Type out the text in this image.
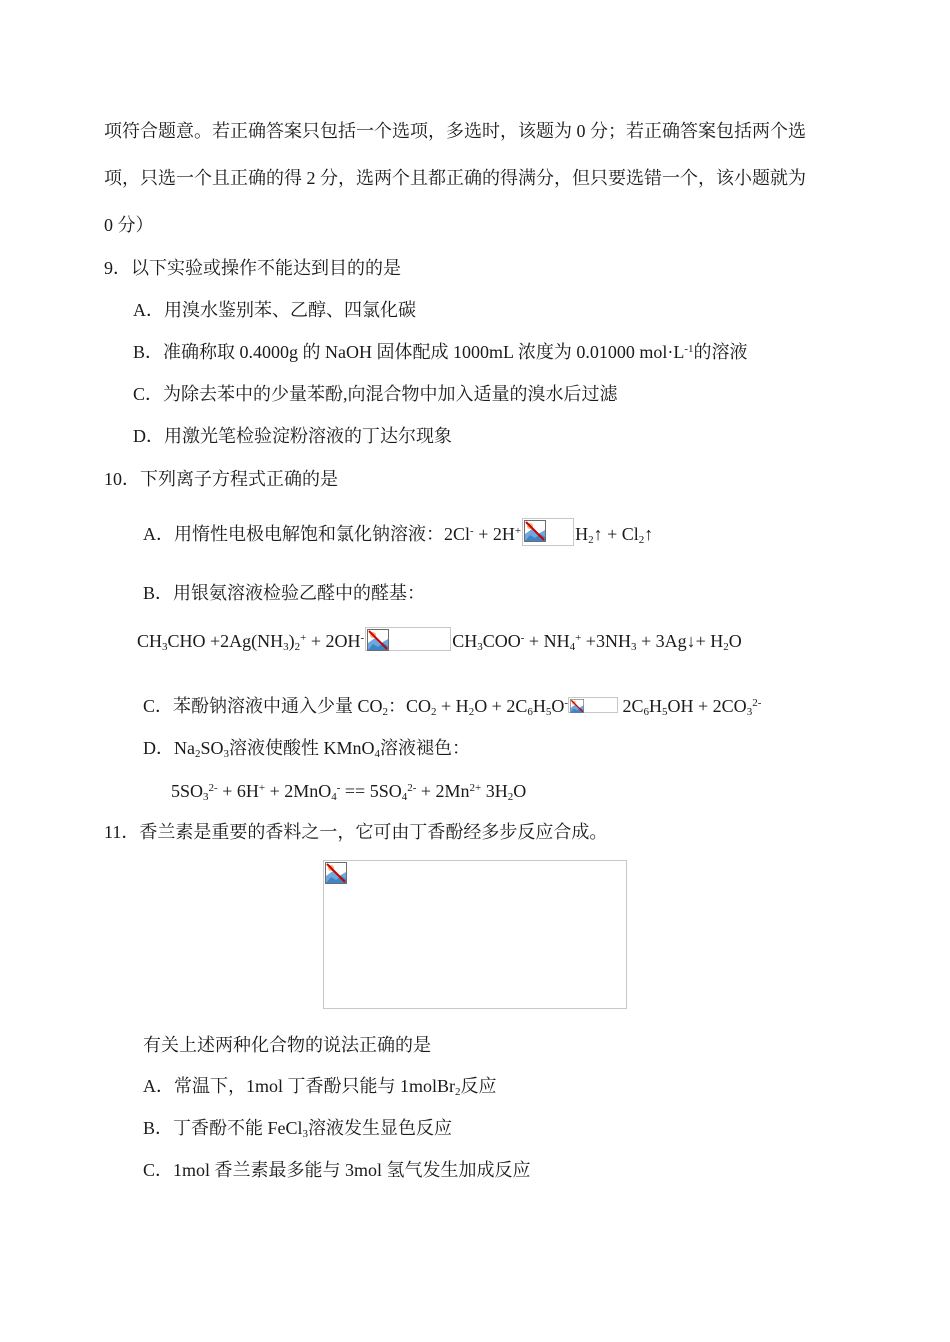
项符合题意。若正确答案只包括一个选项，多选时，该题为 0 分；若正确答案包括两个选
项，只选一个且正确的得 2 分，选两个且都正确的得满分，但只要选错一个，该小题就为
0 分）
9．以下实验或操作不能达到目的的是
A．用溴水鉴别苯、乙醇、四氯化碳
B．准确称取 0.4000g 的 NaOH 固体配成 1000mL 浓度为 0.01000 $mol\cdot L^{-1}$的溶液
C．为除去苯中的少量苯酚,向混合物中加入适量的溴水后过滤
D．用激光笔检验淀粉溶液的丁达尔现象
10．下列离子方程式正确的是
A．用惰性电极电解饱和氯化钠溶液：2Cl- + 2H+	$H_2↑$ + $Cl_2↑$
B．用银氨溶液检验乙醛中的醛基：
$CH_3CHO +2Ag(NH_3)_2^+ + 2OH^-$	$CH_3COO^- + NH_4^+ +3NH_3$ + 3Ag↓+ $H_2O$
C．苯酚钠溶液中通入少量 $CO_2$：$CO_2 + H_2O + 2C_6H_5O^-$	$2C_6H_5OH + 2CO_3^{2-}$
D．$Na_2SO_3$溶液使酸性 KMnO$_4$溶液褪色：
$5SO_3^{2-} + 6H^+ + 2MnO_4^- == 5SO_4^{2-} + 2Mn^{2+}$ $3H_2O$
11．香兰素是重要的香料之一，它可由丁香酚经多步反应合成。
有关上述两种化合物的说法正确的是
A．常温下，1mol 丁香酚只能与 1molBr$_2$反应
B．丁香酚不能 FeCl$_3$溶液发生显色反应
C．1mol 香兰素最多能与 3mol 氢气发生加成反应
